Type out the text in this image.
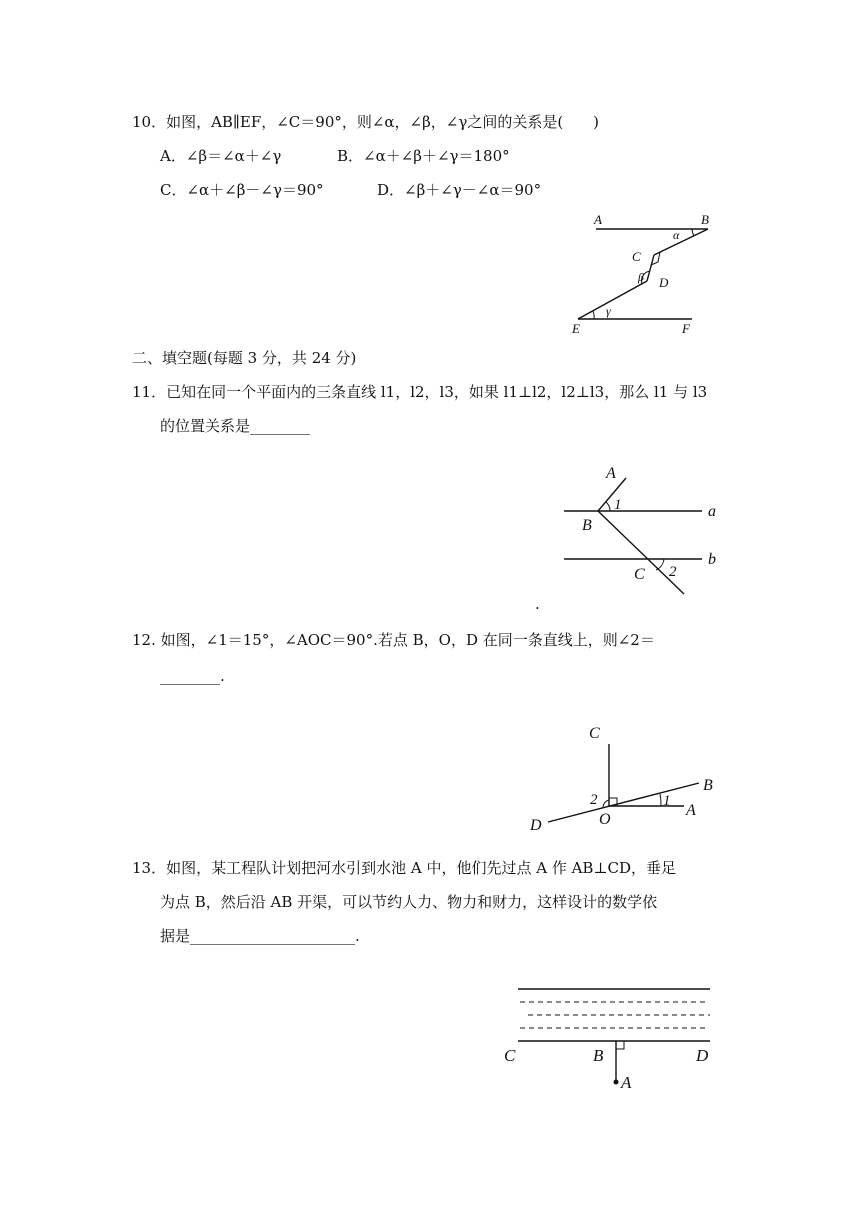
10．如图，AB∥EF，∠C＝90°，则∠α，∠β，∠γ之间的关系是(　　)
A．∠β＝∠α＋∠γ	B．∠α＋∠β＋∠γ＝180°
C．∠α＋∠β－∠γ＝90°	D．∠β＋∠γ－∠α＝90°
A	B
α
C
β D
γ
E	F
二、填空题(每题 3 分，共 24 分)
11．已知在同一个平面内的三条直线 l1，l2，l3，如果 l1⊥l2，l2⊥l3，那么 l1 与 l3
的位置关系是________
A
1
B
a
b
C 2
.
12. 如图，∠1＝15°，∠AOC＝90°.若点 B，O，D 在同一条直线上，则∠2＝
________.
C
B
2	1
A
O
D
13．如图，某工程队计划把河水引到水池 A 中，他们先过点 A 作 AB⊥CD，垂足
为点 B，然后沿 AB 开渠，可以节约人力、物力和财力，这样设计的数学依
据是______________________.
C	B	D
A
